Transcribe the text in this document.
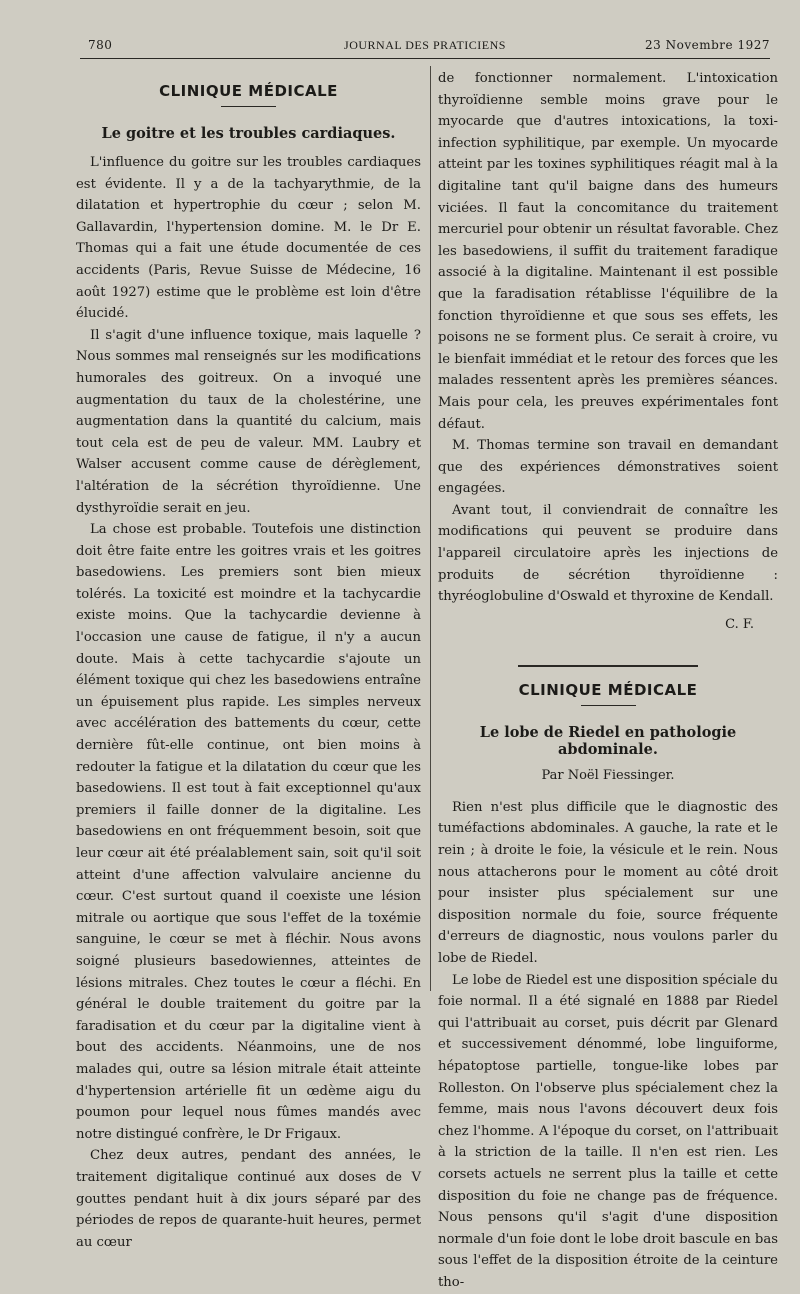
780	JOURNAL DES PRATICIENS	23 Novembre 1927
CLINIQUE MÉDICALE
Le goitre et les troubles cardiaques.

L'influence du goitre sur les troubles cardiaques est évidente. Il y a de la tachyarythmie, de la dilatation et hypertrophie du cœur ; selon M. Gallavardin, l'hypertension domine. M. le Dr E. Thomas qui a fait une étude documentée de ces accidents (Paris, Revue Suisse de Médecine, 16 août 1927) estime que le problème est loin d'être élucidé.

Il s'agit d'une influence toxique, mais laquelle ? Nous sommes mal renseignés sur les modifications humorales des goitreux. On a invoqué une augmentation du taux de la cholestérine, une augmentation dans la quantité du calcium, mais tout cela est de peu de valeur. MM. Laubry et Walser accusent comme cause de dérèglement, l'altération de la sécrétion thyroïdienne. Une dysthyroïdie serait en jeu.

La chose est probable. Toutefois une distinction doit être faite entre les goitres vrais et les goitres basedowiens. Les premiers sont bien mieux tolérés. La toxicité est moindre et la tachycardie existe moins. Que la tachycardie devienne à l'occasion une cause de fatigue, il n'y a aucun doute. Mais à cette tachycardie s'ajoute un élément toxique qui chez les basedowiens entraîne un épuisement plus rapide. Les simples nerveux avec accélération des battements du cœur, cette dernière fût-elle continue, ont bien moins à redouter la fatigue et la dilatation du cœur que les basedowiens. Il est tout à fait exceptionnel qu'aux premiers il faille donner de la digitaline. Les basedowiens en ont fréquemment besoin, soit que leur cœur ait été préalablement sain, soit qu'il soit atteint d'une affection valvulaire ancienne du cœur. C'est surtout quand il coexiste une lésion mitrale ou aortique que sous l'effet de la toxémie sanguine, le cœur se met à fléchir. Nous avons soigné plusieurs basedowiennes, atteintes de lésions mitrales. Chez toutes le cœur a fléchi. En général le double traitement du goitre par la faradisation et du cœur par la digitaline vient à bout des accidents. Néanmoins, une de nos malades qui, outre sa lésion mitrale était atteinte d'hypertension artérielle fit un œdème aigu du poumon pour lequel nous fûmes mandés avec notre distingué confrère, le Dr Frigaux.

Chez deux autres, pendant des années, le traitement digitalique continué aux doses de V gouttes pendant huit à dix jours séparé par des périodes de repos de quarante-huit heures, permet au cœur

de fonctionner normalement. L'intoxication thyroïdienne semble moins grave pour le myocarde que d'autres intoxications, la toxi-infection syphilitique, par exemple. Un myocarde atteint par les toxines syphilitiques réagit mal à la digitaline tant qu'il baigne dans des humeurs viciées. Il faut la concomitance du traitement mercuriel pour obtenir un résultat favorable. Chez les basedowiens, il suffit du traitement faradique associé à la digitaline. Maintenant il est possible que la faradisation rétablisse l'équilibre de la fonction thyroïdienne et que sous ses effets, les poisons ne se forment plus. Ce serait à croire, vu le bienfait immédiat et le retour des forces que les malades ressentent après les premières séances. Mais pour cela, les preuves expérimentales font défaut.

M. Thomas termine son travail en demandant que des expériences démonstratives soient engagées.

Avant tout, il conviendrait de connaître les modifications qui peuvent se produire dans l'appareil circulatoire après les injections de produits de sécrétion thyroïdienne : thyréoglobuline d'Oswald et thyroxine de Kendall.

C. F.
CLINIQUE MÉDICALE
Le lobe de Riedel en pathologie abdominale.
Par Noël Fiessinger.

Rien n'est plus difficile que le diagnostic des tuméfactions abdominales. A gauche, la rate et le rein ; à droite le foie, la vésicule et le rein. Nous nous attacherons pour le moment au côté droit pour insister plus spécialement sur une disposition normale du foie, source fréquente d'erreurs de diagnostic, nous voulons parler du lobe de Riedel.

Le lobe de Riedel est une disposition spéciale du foie normal. Il a été signalé en 1888 par Riedel qui l'attribuait au corset, puis décrit par Glenard et successivement dénommé, lobe linguiforme, hépatoptose partielle, tongue-like lobes par Rolleston. On l'observe plus spécialement chez la femme, mais nous l'avons découvert deux fois chez l'homme. A l'époque du corset, on l'attribuait à la striction de la taille. Il n'en est rien. Les corsets actuels ne serrent plus la taille et cette disposition du foie ne change pas de fréquence. Nous pensons qu'il s'agit d'une disposition normale d'un foie dont le lobe droit bascule en bas sous l'effet de la disposition étroite de la ceinture tho-
